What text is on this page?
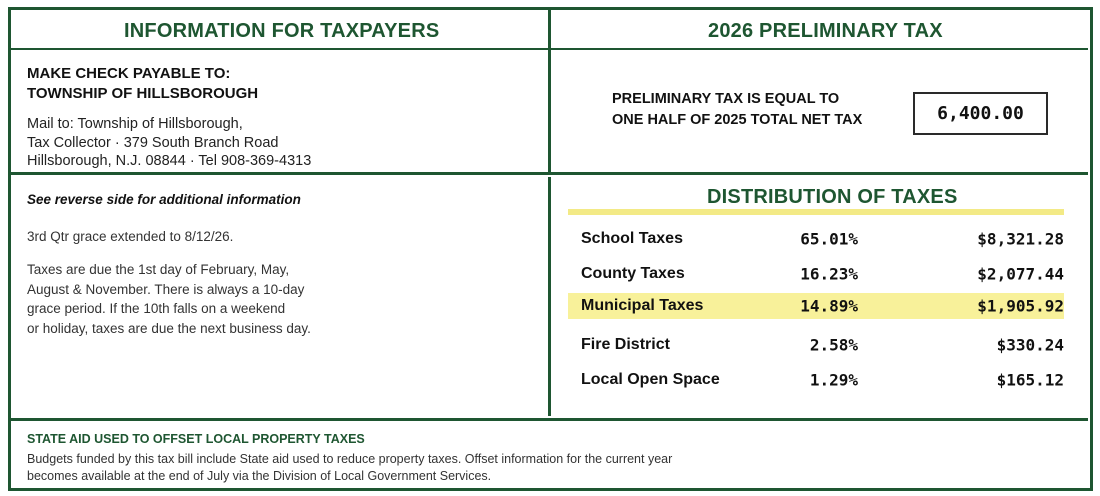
INFORMATION FOR TAXPAYERS	2026 PRELIMINARY TAX
MAKE CHECK PAYABLE TO:
TOWNSHIP OF HILLSBOROUGH
Mail to: Township of Hillsborough,
Tax Collector · 379 South Branch Road
Hillsborough, N.J. 08844 · Tel 908-369-4313
PRELIMINARY TAX IS EQUAL TO
ONE HALF OF 2025 TOTAL NET TAX	6,400.00
See reverse side for additional information
3rd Qtr grace extended to 8/12/26.
Taxes are due the 1st day of February, May,
August & November. There is always a 10-day
grace period. If the 10th falls on a weekend
or holiday, taxes are due the next business day.
DISTRIBUTION OF TAXES
School Taxes	65.01%	$8,321.28
County Taxes	16.23%	$2,077.44
Municipal Taxes	14.89%	$1,905.92
Fire District	2.58%	$330.24
Local Open Space	1.29%	$165.12
STATE AID USED TO OFFSET LOCAL PROPERTY TAXES
Budgets funded by this tax bill include State aid used to reduce property taxes. Offset information for the current year
becomes available at the end of July via the Division of Local Government Services.
